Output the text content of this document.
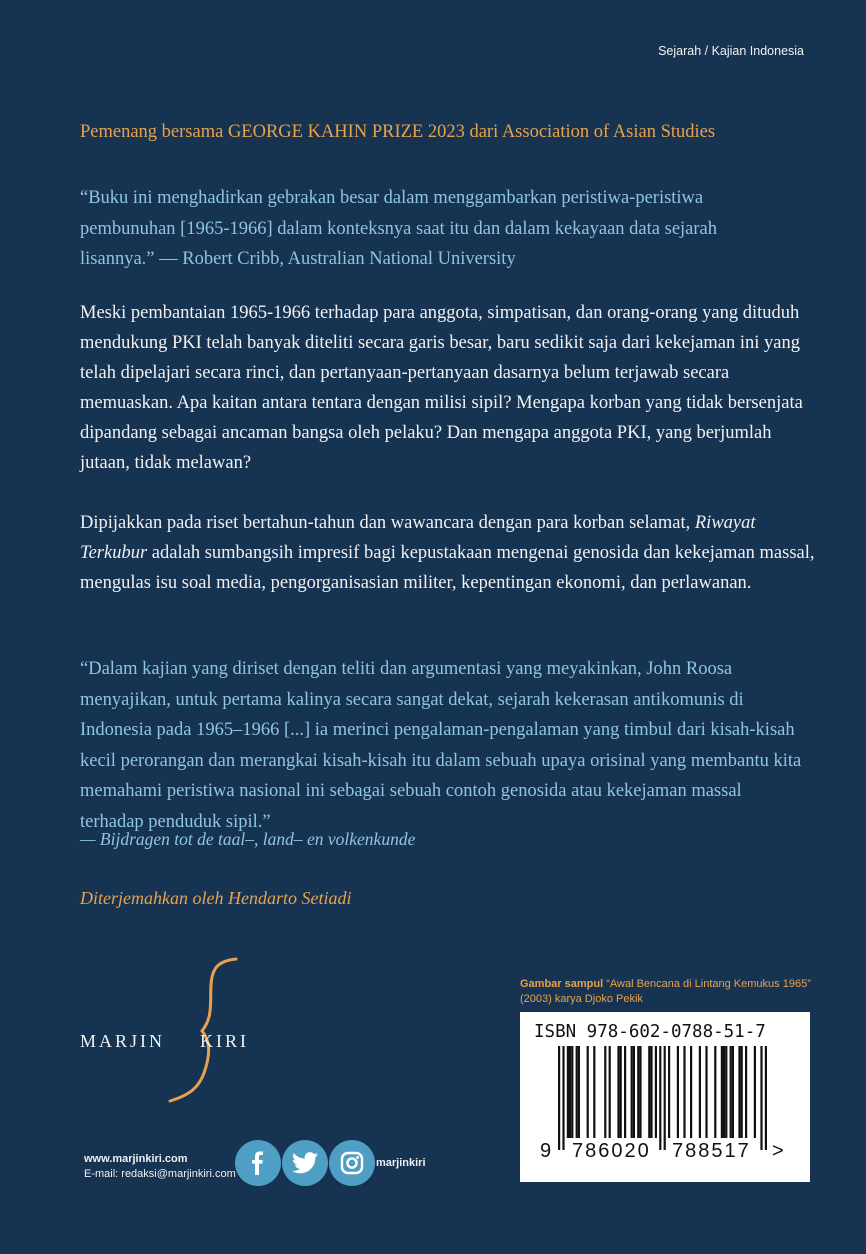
Sejarah / Kajian Indonesia
Pemenang bersama GEORGE KAHIN PRIZE 2023 dari Association of Asian Studies
“Buku ini menghadirkan gebrakan besar dalam menggambarkan peristiwa-peristiwa pembunuhan [1965-1966] dalam konteksnya saat itu dan dalam kekayaan data sejarah lisannya.” — Robert Cribb, Australian National University
Meski pembantaian 1965-1966 terhadap para anggota, simpatisan, dan orang-orang yang dituduh mendukung PKI telah banyak diteliti secara garis besar, baru sedikit saja dari kekejaman ini yang telah dipelajari secara rinci, dan pertanyaan-pertanyaan dasarnya belum terjawab secara memuaskan. Apa kaitan antara tentara dengan milisi sipil? Mengapa korban yang tidak bersenjata dipandang sebagai ancaman bangsa oleh pelaku? Dan mengapa anggota PKI, yang berjumlah jutaan, tidak melawan?
Dipijakkan pada riset bertahun-tahun dan wawancara dengan para korban selamat, Riwayat Terkubur adalah sumbangsih impresif bagi kepustakaan mengenai genosida dan kekejaman massal, mengulas isu soal media, pengorganisasian militer, kepentingan ekonomi, dan perlawanan.
“Dalam kajian yang diriset dengan teliti dan argumentasi yang meyakinkan, John Roosa menyajikan, untuk pertama kalinya secara sangat dekat, sejarah kekerasan antikomunis di Indonesia pada 1965–1966 [...] ia merinci pengalaman-pengalaman yang timbul dari kisah-kisah kecil perorangan dan merangkai kisah-kisah itu dalam sebuah upaya orisinal yang membantu kita memahami peristiwa nasional ini sebagai sebuah contoh genosida atau kekejaman massal terhadap penduduk sipil.”
— Bijdragen tot de taal–, land– en volkenkunde
Diterjemahkan oleh Hendarto Setiadi
MARJIN KIRI
www.marjinkiri.com
E-mail: redaksi@marjinkiri.com
marjinkiri
Gambar sampul “Awal Bencana di Lintang Kemukus 1965” (2003) karya Djoko Pekik
ISBN 978-602-0788-51-7
9 786020 788517 >
